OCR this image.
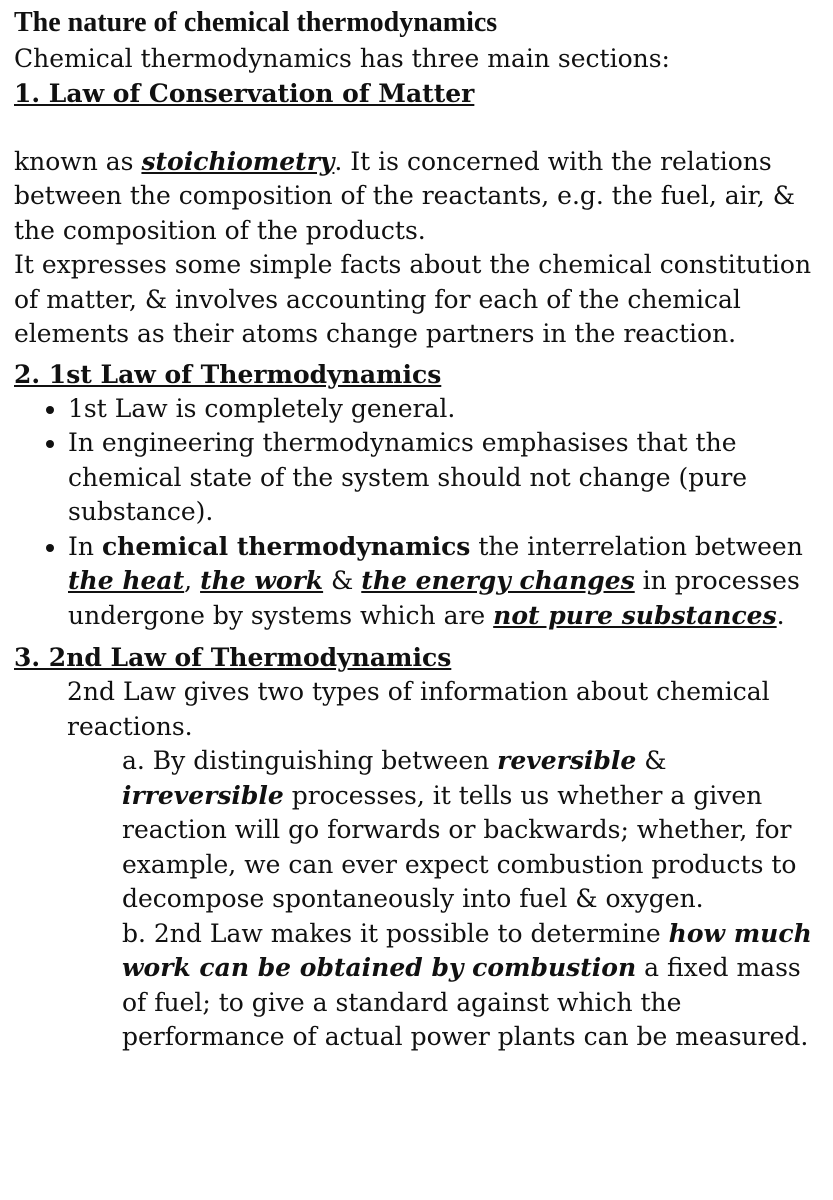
The nature of chemical thermodynamics

Chemical thermodynamics has three main sections:

1. Law of Conservation of Matter

known as stoichiometry. It is concerned with the relations between the composition of the reactants, e.g. the fuel, air, & the composition of the products.

It expresses some simple facts about the chemical constitution of matter, & involves accounting for each of the chemical elements as their atoms change partners in the reaction.

2. 1st Law of Thermodynamics
• 1st Law is completely general.
• In engineering thermodynamics emphasises that the chemical state of the system should not change (pure substance).
• In chemical thermodynamics the interrelation between the heat, the work & the energy changes in processes undergone by systems which are not pure substances.
3. 2nd Law of Thermodynamics

2nd Law gives two types of information about chemical reactions.

a. By distinguishing between reversible & irreversible processes, it tells us whether a given reaction will go forwards or backwards; whether, for example, we can ever expect combustion products to decompose spontaneously into fuel & oxygen.

b. 2nd Law makes it possible to determine how much work can be obtained by combustion a fixed mass of fuel; to give a standard against which the performance of actual power plants can be measured.
